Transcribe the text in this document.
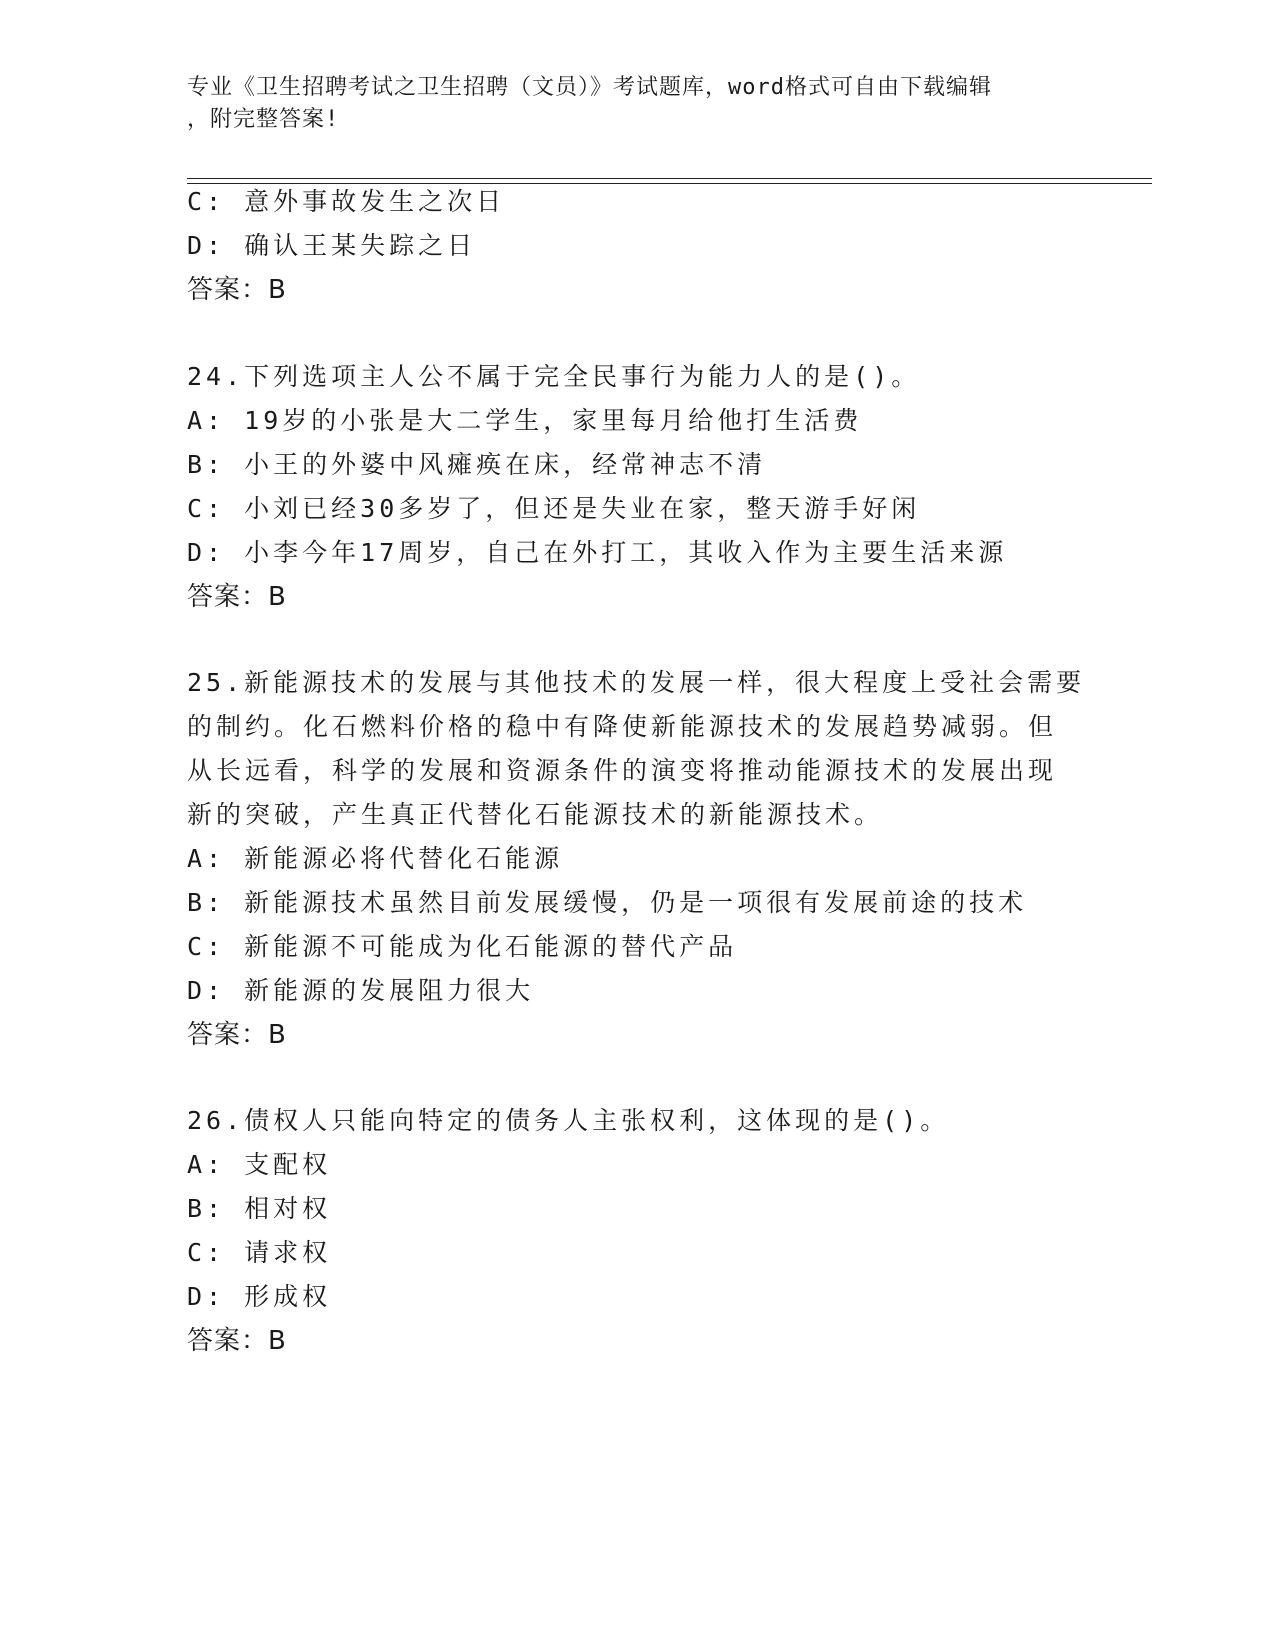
专业《卫生招聘考试之卫生招聘（文员）》考试题库，word格式可自由下载编辑
，附完整答案!
C: 意外事故发生之次日
D: 确认王某失踪之日
答案：B
24.下列选项主人公不属于完全民事行为能力人的是()。
A: 19岁的小张是大二学生，家里每月给他打生活费
B: 小王的外婆中风瘫痪在床，经常神志不清
C: 小刘已经30多岁了，但还是失业在家，整天游手好闲
D: 小李今年17周岁，自己在外打工，其收入作为主要生活来源
答案：B
25.新能源技术的发展与其他技术的发展一样，很大程度上受社会需要
的制约。化石燃料价格的稳中有降使新能源技术的发展趋势减弱。但
从长远看，科学的发展和资源条件的演变将推动能源技术的发展出现
新的突破，产生真正代替化石能源技术的新能源技术。
A: 新能源必将代替化石能源
B: 新能源技术虽然目前发展缓慢，仍是一项很有发展前途的技术
C: 新能源不可能成为化石能源的替代产品
D: 新能源的发展阻力很大
答案：B
26.债权人只能向特定的债务人主张权利，这体现的是()。
A: 支配权
B: 相对权
C: 请求权
D: 形成权
答案：B
